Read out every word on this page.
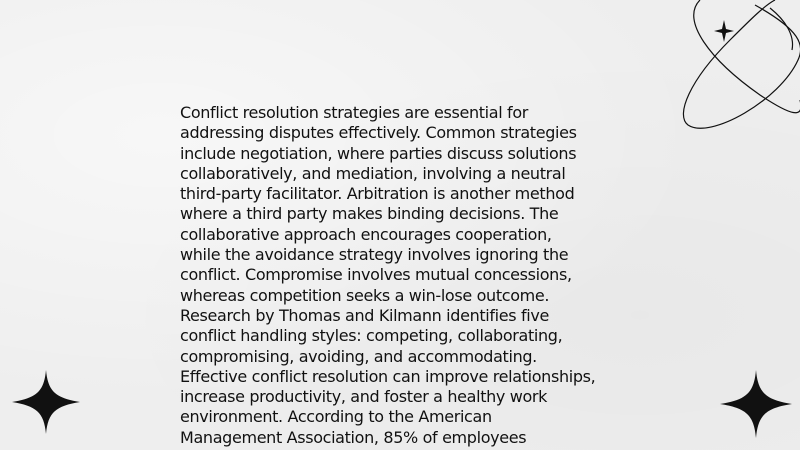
Conflict resolution strategies are essential for
addressing disputes effectively. Common strategies
include negotiation, where parties discuss solutions
collaboratively, and mediation, involving a neutral
third-party facilitator. Arbitration is another method
where a third party makes binding decisions. The
collaborative approach encourages cooperation,
while the avoidance strategy involves ignoring the
conflict. Compromise involves mutual concessions,
whereas competition seeks a win-lose outcome.
Research by Thomas and Kilmann identifies five
conflict handling styles: competing, collaborating,
compromising, avoiding, and accommodating.
Effective conflict resolution can improve relationships,
increase productivity, and foster a healthy work
environment. According to the American
Management Association, 85% of employees
